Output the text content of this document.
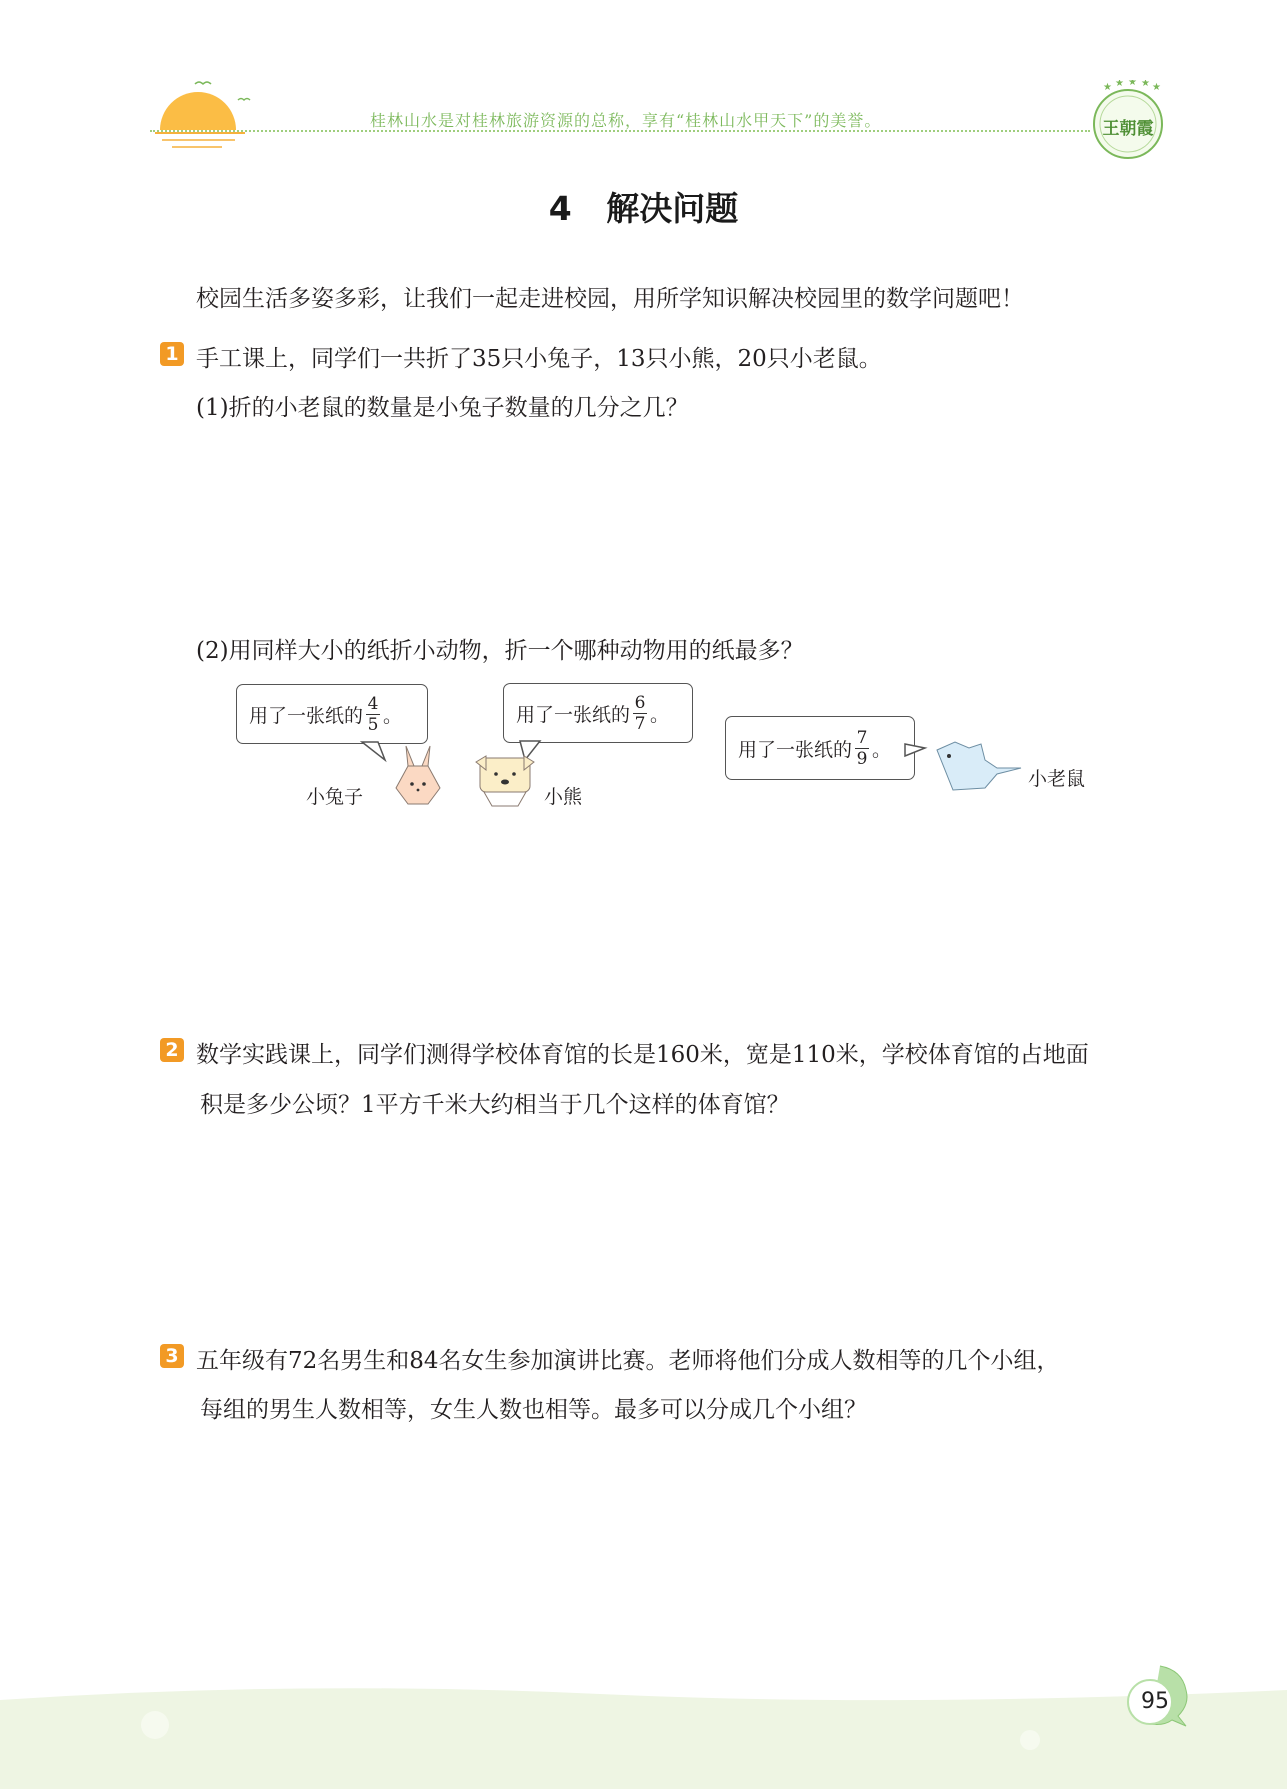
桂林山水是对桂林旅游资源的总称，享有“桂林山水甲天下”的美誉。
★ ★ ★ ★ ★
王朝霞
4   解决问题
校园生活多姿多彩，让我们一起走进校园，用所学知识解决校园里的数学问题吧！
1 手工课上，同学们一共折了35只小兔子，13只小熊，20只小老鼠。
(1)折的小老鼠的数量是小兔子数量的几分之几？
(2)用同样大小的纸折小动物，折一个哪种动物用的纸最多？
用了一张纸的 $\frac{4}{5}$ 。	用了一张纸的 $\frac{6}{7}$ 。
用了一张纸的 $\frac{7}{9}$ 。
小兔子	小熊
小老鼠
2 数学实践课上，同学们测得学校体育馆的长是160米，宽是110米，学校体育馆的占地面
积是多少公顷？1平方千米大约相当于几个这样的体育馆？
3 五年级有72名男生和84名女生参加演讲比赛。老师将他们分成人数相等的几个小组，
每组的男生人数相等，女生人数也相等。最多可以分成几个小组？
95
